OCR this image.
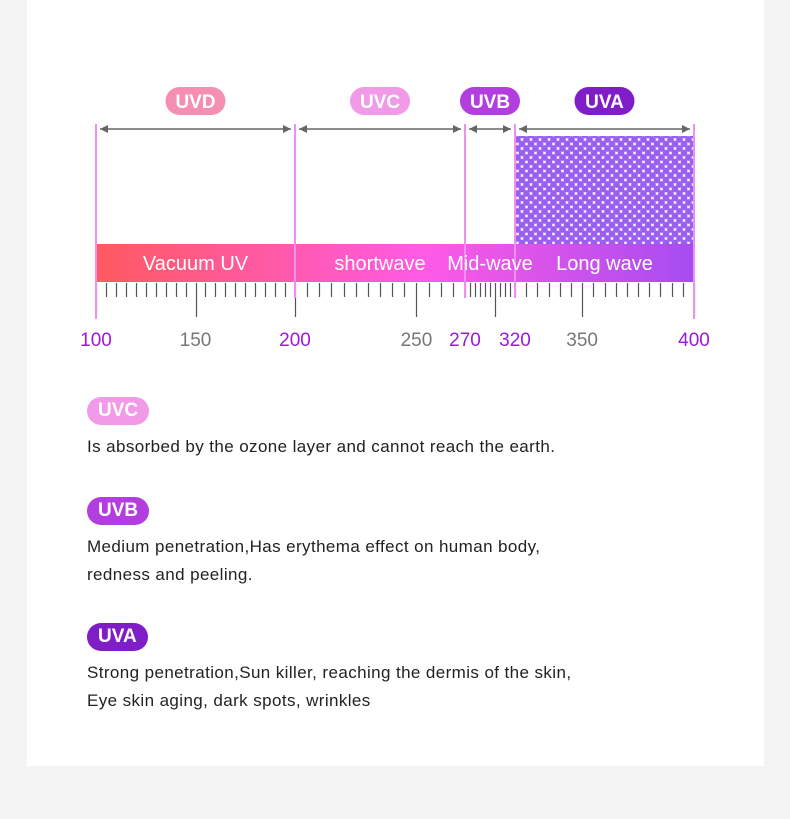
Vacuum UV
UVD
shortwave
UVC
Mid-wave
UVB
Long wave
UVA
100	150	200	250 270 320 350	400
UVC
Is absorbed by the ozone layer and cannot reach the earth.
UVB
Medium penetration,Has erythema effect on human body,
redness and peeling.
UVA
Strong penetration,Sun killer, reaching the dermis of the skin,
Eye skin aging, dark spots, wrinkles
